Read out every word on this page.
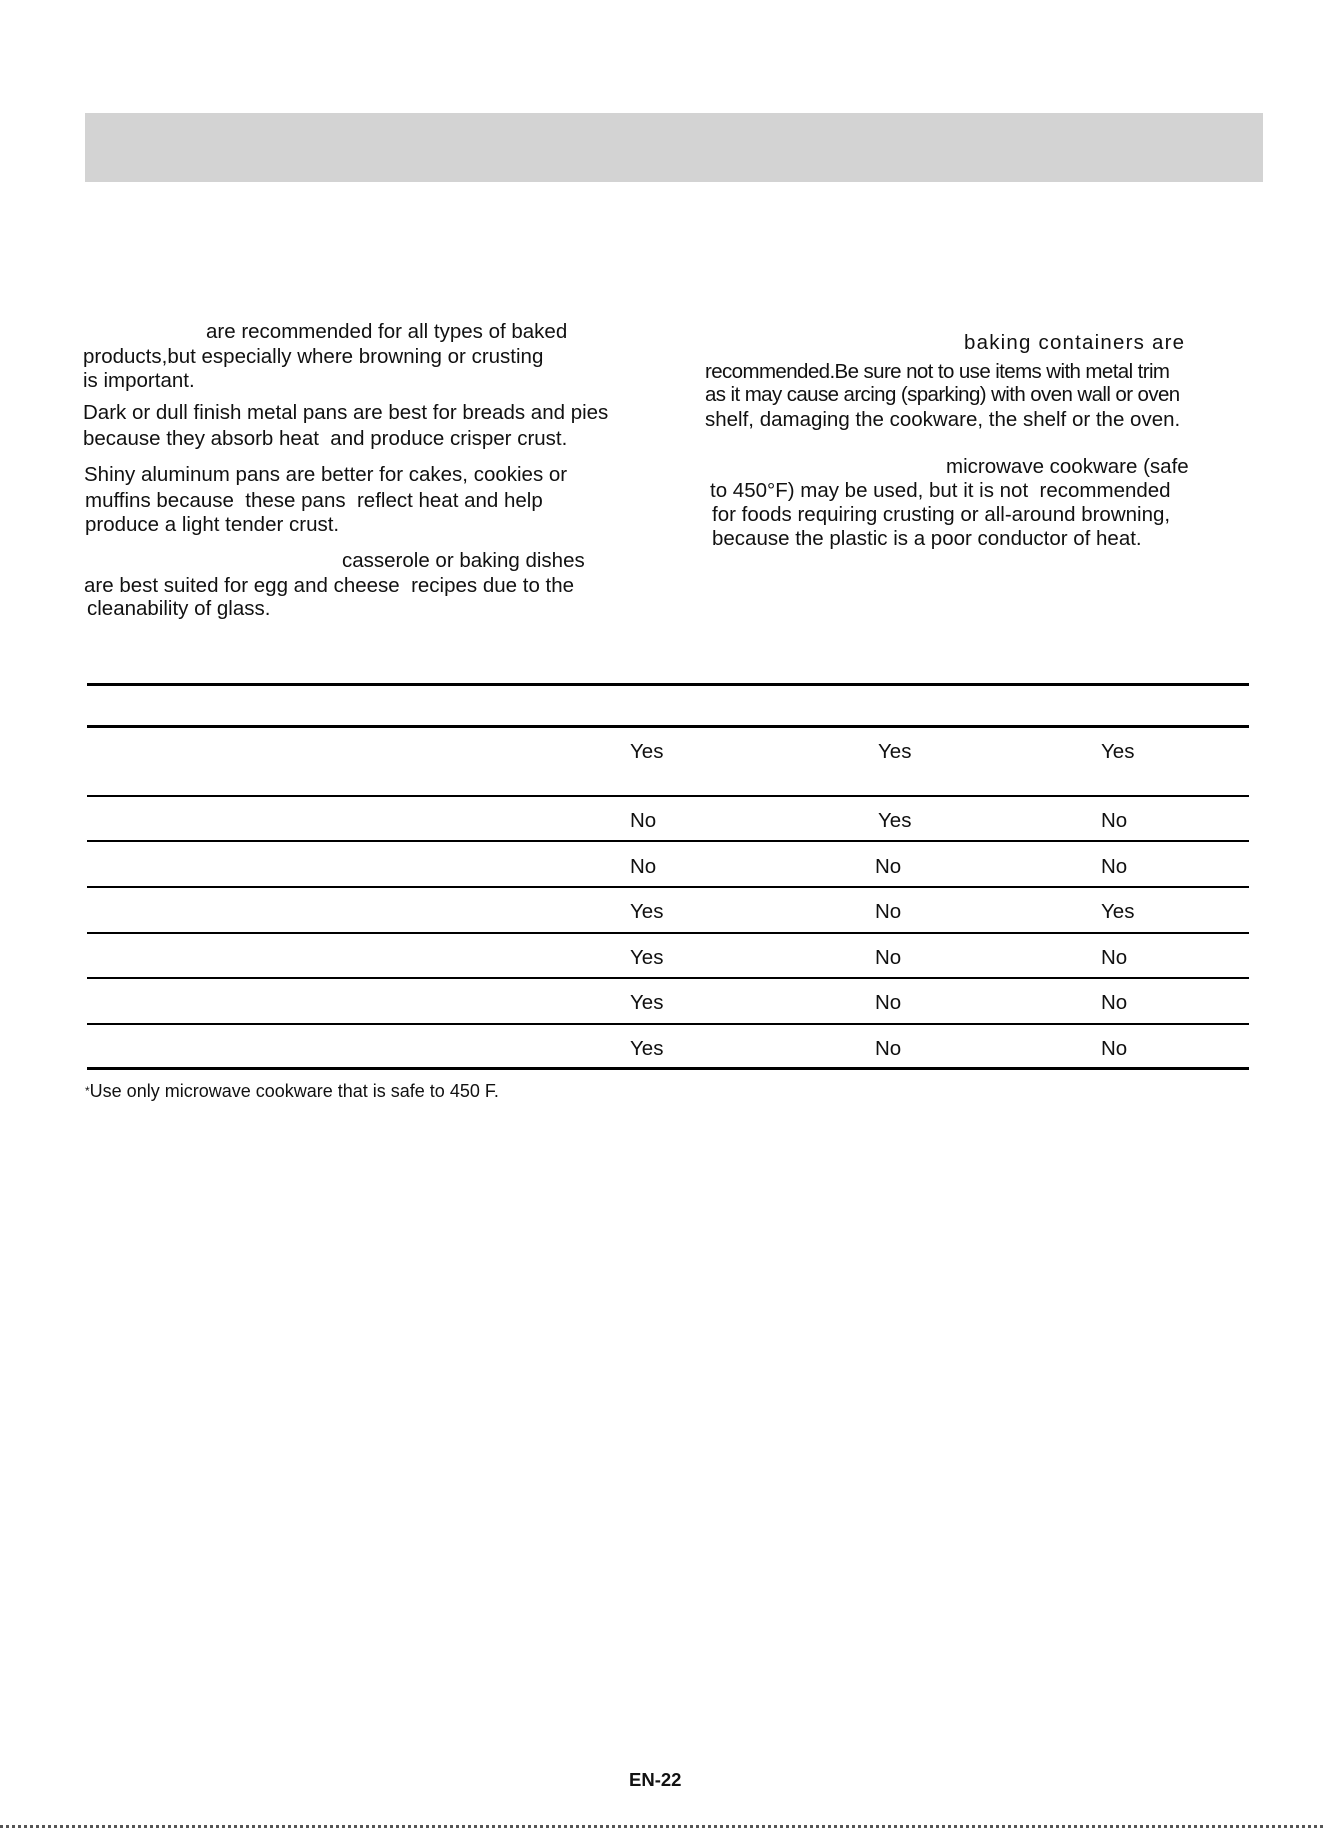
are recommended for all types of baked
products,but especially where browning or crusting
is important.
Dark or dull finish metal pans are best for breads and pies
because they absorb heat  and produce crisper crust.
Shiny aluminum pans are better for cakes, cookies or
muffins because  these pans  reflect heat and help
produce a light tender crust.
casserole or baking dishes
are best suited for egg and cheese  recipes due to the
cleanability of glass.
baking containers are
recommended.Be sure not to use items with metal trim
as it may cause arcing (sparking) with oven wall or oven
shelf, damaging the cookware, the shelf or the oven.
microwave cookware (safe
to 450°F) may be used, but it is not  recommended
for foods requiring crusting or all-around browning,
because the plastic is a poor conductor of heat.
Yes	Yes	Yes
No	Yes	No
No	No	No
Yes	No	Yes
Yes	No	No
Yes	No	No
Yes	No	No
*Use only microwave cookware that is safe to 450 F.
EN-22
